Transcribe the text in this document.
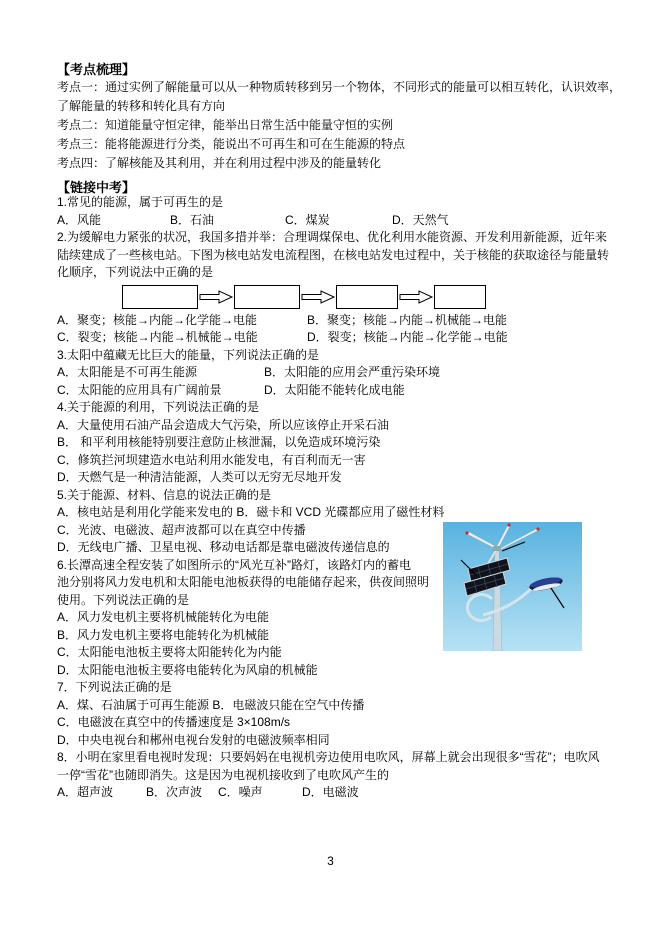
【考点梳理】
考点一：通过实例了解能量可以从一种物质转移到另一个物体，不同形式的能量可以相互转化，认识效率，
了解能量的转移和转化具有方向
考点二：知道能量守恒定律，能举出日常生活中能量守恒的实例
考点三：能将能源进行分类，能说出不可再生和可在生能源的特点
考点四：了解核能及其利用，并在利用过程中涉及的能量转化
【链接中考】
1.常见的能源，属于可再生的是
A．风能	B．石油	C．煤炭	D．天然气
2.为缓解电力紧张的状况，我国多措并举：合理调煤保电、优化利用水能资源、开发利用新能源，近年来
陆续建成了一些核电站。下图为核电站发电流程图，在核电站发电过程中，关于核能的获取途径与能量转
化顺序，下列说法中正确的是
A．聚变；核能→内能→化学能→电能	B．聚变；核能→内能→机械能→电能
C．裂变；核能→内能→机械能→电能	D．裂变；核能→内能→化学能→电能
3.太阳中蕴藏无比巨大的能量，下列说法正确的是
A．太阳能是不可再生能源	B．太阳能的应用会严重污染环境
C．太阳能的应用具有广阔前景	D．太阳能不能转化成电能
4.关于能源的利用，下列说法正确的是
A．大量使用石油产品会造成大气污染，所以应该停止开采石油
B． 和平利用核能特别要注意防止核泄漏，以免造成环境污染
C．修筑拦河坝建造水电站利用水能发电，有百利而无一害
D．天燃气是一种清洁能源，人类可以无穷无尽地开发
5.关于能源、材料、信息的说法正确的是
A．核电站是利用化学能来发电的 B．磁卡和 VCD 光碟都应用了磁性材料
C．光波、电磁波、超声波都可以在真空中传播
D．无线电广播、卫星电视、移动电话都是靠电磁波传递信息的
6.长潭高速全程安装了如图所示的“风光互补”路灯，该路灯内的蓄电
池分别将风力发电机和太阳能电池板获得的电能储存起来，供夜间照明
使用。下列说法正确的是
A．风力发电机主要将机械能转化为电能
B．风力发电机主要将电能转化为机械能
C．太阳能电池板主要将太阳能转化为内能
D．太阳能电池板主要将电能转化为风扇的机械能
7．下列说法正确的是
A．煤、石油属于可再生能源 B．电磁波只能在空气中传播
C．电磁波在真空中的传播速度是 3×108m/s
D．中央电视台和郴州电视台发射的电磁波频率相同
8．小明在家里看电视时发现：只要妈妈在电视机旁边使用电吹风，屏幕上就会出现很多“雪花”；电吹风
一停“雪花”也随即消失。这是因为电视机接收到了电吹风产生的
A．超声波	B．次声波	C．噪声	D．电磁波
3
